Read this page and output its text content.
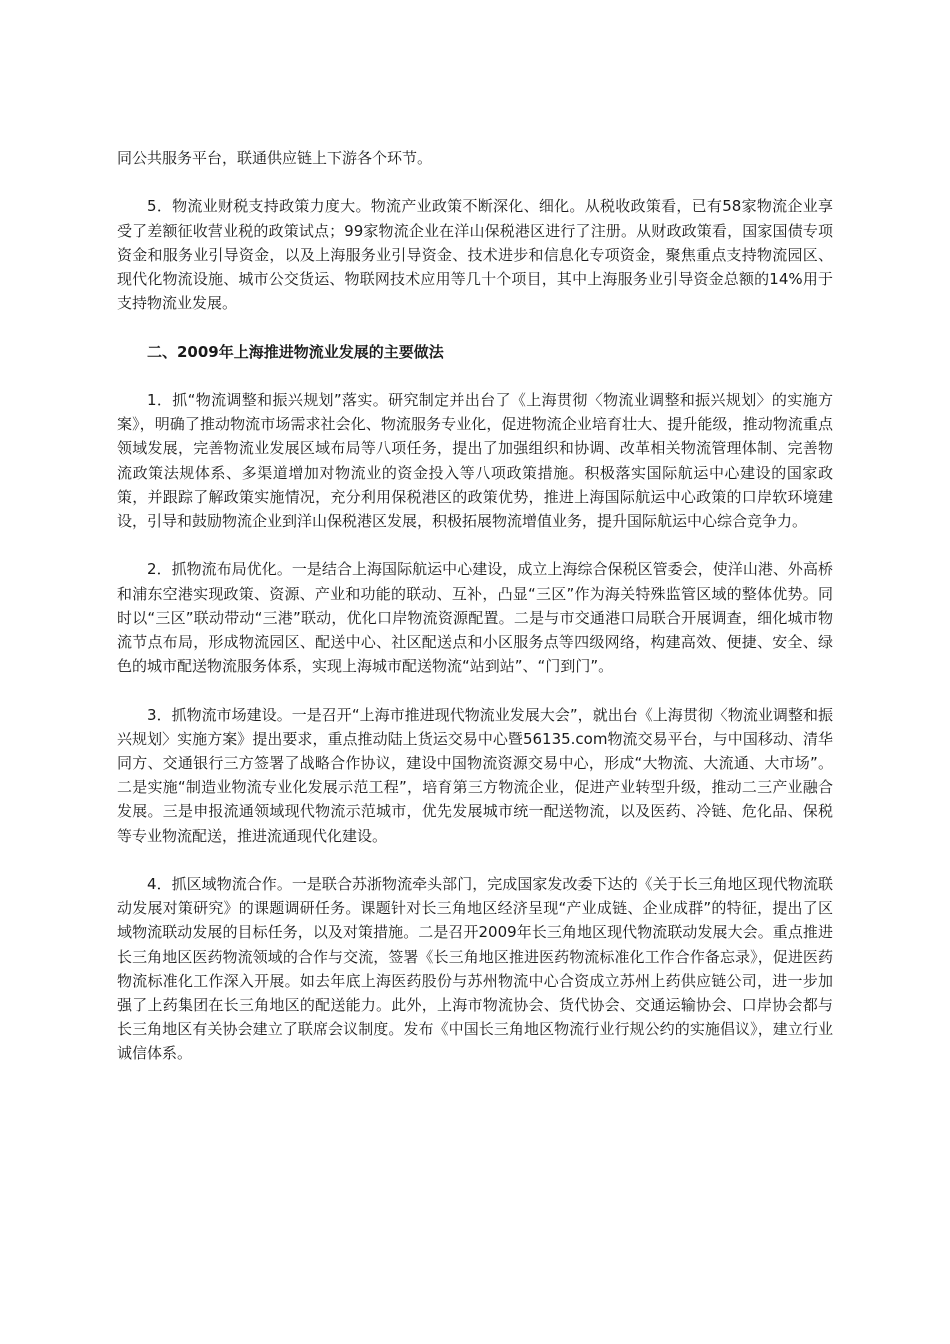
同公共服务平台，联通供应链上下游各个环节。

5．物流业财税支持政策力度大。物流产业政策不断深化、细化。从税收政策看，已有58家物流企业享受了差额征收营业税的政策试点；99家物流企业在洋山保税港区进行了注册。从财政政策看，国家国债专项资金和服务业引导资金，以及上海服务业引导资金、技术进步和信息化专项资金，聚焦重点支持物流园区、现代化物流设施、城市公交货运、物联网技术应用等几十个项目，其中上海服务业引导资金总额的14%用于支持物流业发展。

二、2009年上海推进物流业发展的主要做法

1．抓“物流调整和振兴规划”落实。研究制定并出台了《上海贯彻〈物流业调整和振兴规划〉的实施方案》，明确了推动物流市场需求社会化、物流服务专业化，促进物流企业培育壮大、提升能级，推动物流重点领域发展，完善物流业发展区域布局等八项任务，提出了加强组织和协调、改革相关物流管理体制、完善物流政策法规体系、多渠道增加对物流业的资金投入等八项政策措施。积极落实国际航运中心建设的国家政策，并跟踪了解政策实施情况，充分利用保税港区的政策优势，推进上海国际航运中心政策的口岸软环境建设，引导和鼓励物流企业到洋山保税港区发展，积极拓展物流增值业务，提升国际航运中心综合竞争力。

2．抓物流布局优化。一是结合上海国际航运中心建设，成立上海综合保税区管委会，使洋山港、外高桥和浦东空港实现政策、资源、产业和功能的联动、互补，凸显“三区”作为海关特殊监管区域的整体优势。同时以“三区”联动带动“三港”联动，优化口岸物流资源配置。二是与市交通港口局联合开展调查，细化城市物流节点布局，形成物流园区、配送中心、社区配送点和小区服务点等四级网络，构建高效、便捷、安全、绿色的城市配送物流服务体系，实现上海城市配送物流“站到站”、“门到门”。

3．抓物流市场建设。一是召开“上海市推进现代物流业发展大会”，就出台《上海贯彻〈物流业调整和振兴规划〉实施方案》提出要求，重点推动陆上货运交易中心暨56135.com物流交易平台，与中国移动、清华同方、交通银行三方签署了战略合作协议，建设中国物流资源交易中心，形成“大物流、大流通、大市场”。二是实施“制造业物流专业化发展示范工程”，培育第三方物流企业，促进产业转型升级，推动二三产业融合发展。三是申报流通领域现代物流示范城市，优先发展城市统一配送物流，以及医药、冷链、危化品、保税等专业物流配送，推进流通现代化建设。

4．抓区域物流合作。一是联合苏浙物流牵头部门，完成国家发改委下达的《关于长三角地区现代物流联动发展对策研究》的课题调研任务。课题针对长三角地区经济呈现“产业成链、企业成群”的特征，提出了区域物流联动发展的目标任务，以及对策措施。二是召开2009年长三角地区现代物流联动发展大会。重点推进长三角地区医药物流领域的合作与交流，签署《长三角地区推进医药物流标准化工作合作备忘录》，促进医药物流标准化工作深入开展。如去年底上海医药股份与苏州物流中心合资成立苏州上药供应链公司，进一步加强了上药集团在长三角地区的配送能力。此外，上海市物流协会、货代协会、交通运输协会、口岸协会都与长三角地区有关协会建立了联席会议制度。发布《中国长三角地区物流行业行规公约的实施倡议》，建立行业诚信体系。
